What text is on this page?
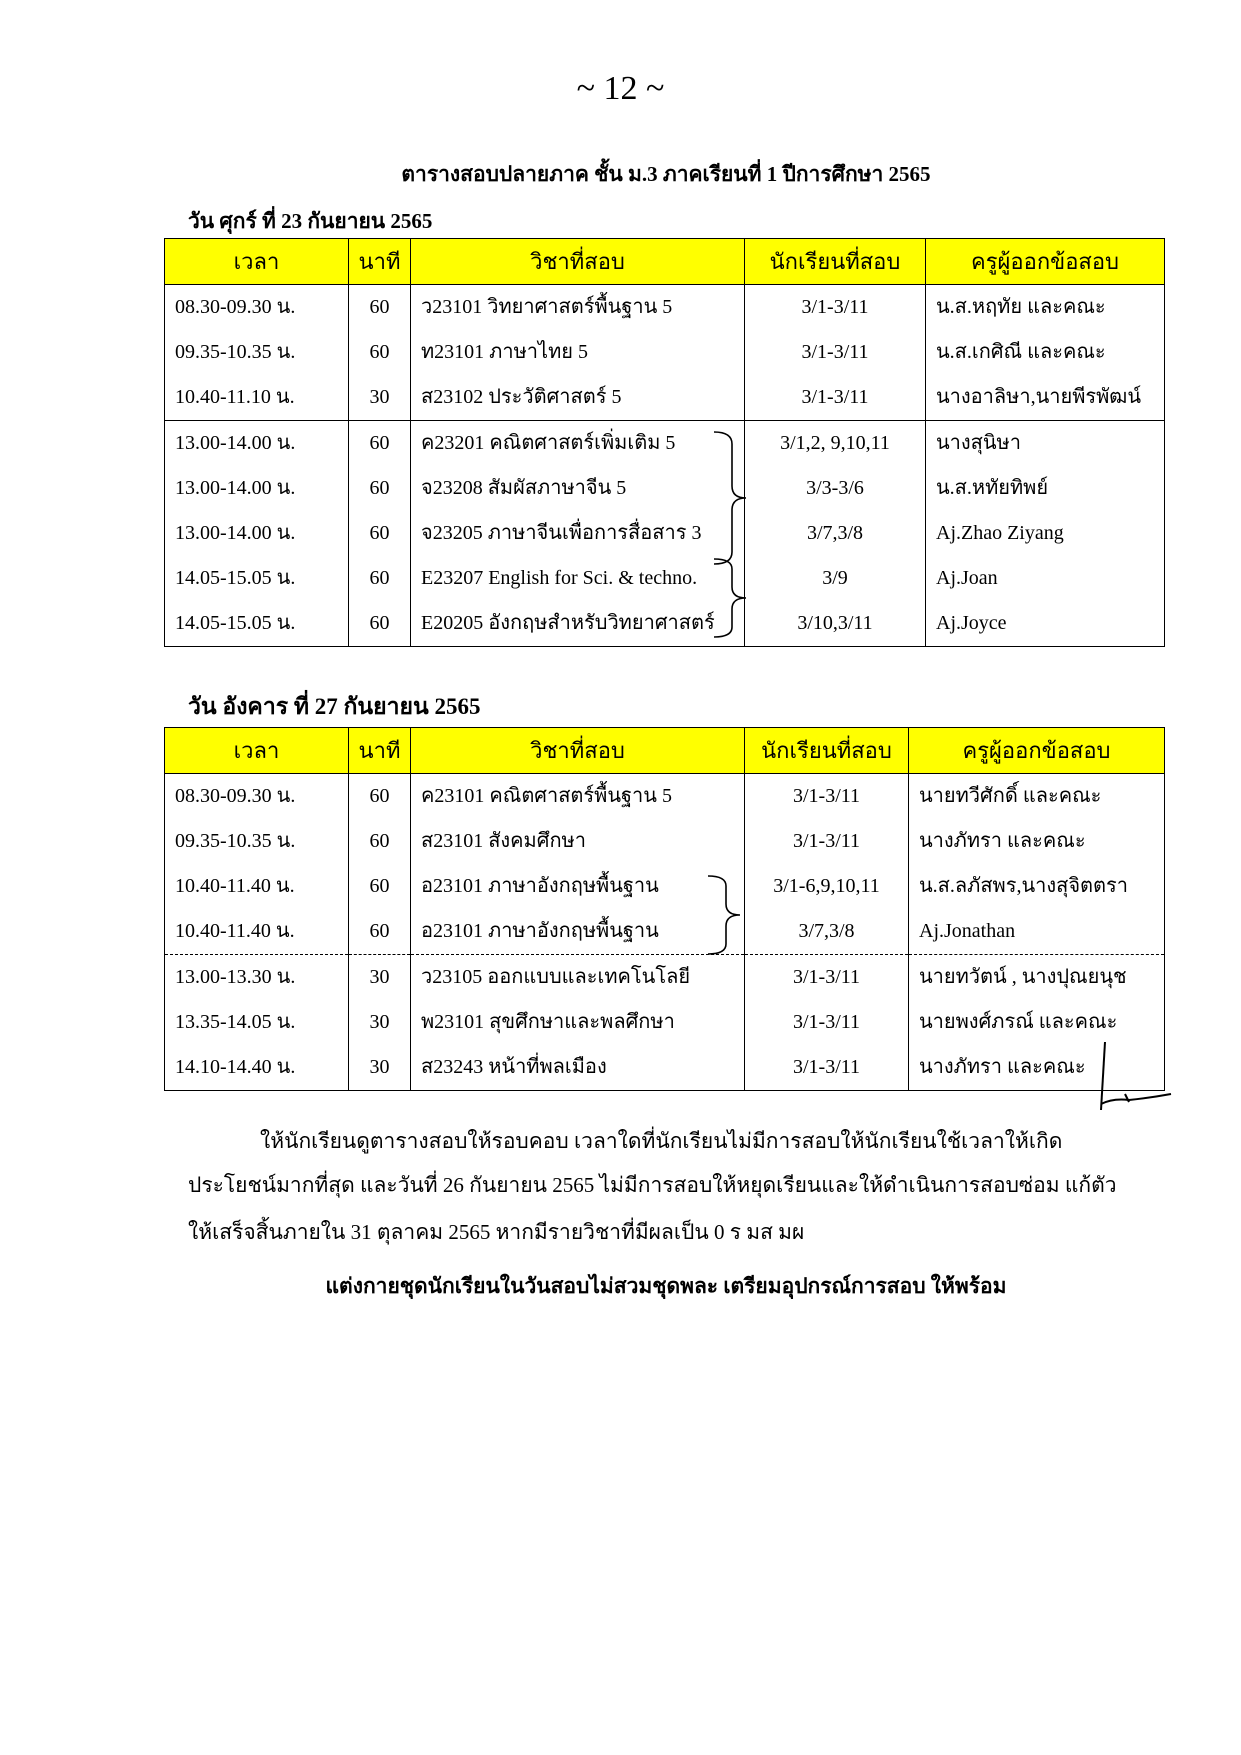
~ 12 ~
ตารางสอบปลายภาค ชั้น ม.3 ภาคเรียนที่ 1 ปีการศึกษา 2565
วัน ศุกร์ ที่ 23 กันยายน 2565
เวลา	นาที	วิชาที่สอบ	นักเรียนที่สอบ	ครูผู้ออกข้อสอบ
08.30-09.30 น.	60	ว23101 วิทยาศาสตร์พื้นฐาน 5	3/1-3/11	น.ส.หฤทัย และคณะ
09.35-10.35 น.	60	ท23101 ภาษาไทย 5	3/1-3/11	น.ส.เกศิณี และคณะ
10.40-11.10 น.	30	ส23102 ประวัติศาสตร์ 5	3/1-3/11	นางอาลิษา,นายพีรพัฒน์
13.00-14.00 น.	60	ค23201 คณิตศาสตร์เพิ่มเติม 5	3/1,2, 9,10,11	นางสุนิษา
13.00-14.00 น.	60	จ23208 สัมผัสภาษาจีน 5	3/3-3/6	น.ส.หทัยทิพย์
13.00-14.00 น.	60	จ23205 ภาษาจีนเพื่อการสื่อสาร 3	3/7,3/8	Aj.Zhao Ziyang
14.05-15.05 น.	60	E23207 English for Sci. & techno.	3/9	Aj.Joan
14.05-15.05 น.	60	E20205 อังกฤษสำหรับวิทยาศาสตร์	3/10,3/11	Aj.Joyce
วัน อังคาร ที่ 27 กันยายน 2565
เวลา	นาที	วิชาที่สอบ	นักเรียนที่สอบ	ครูผู้ออกข้อสอบ
08.30-09.30 น.	60	ค23101 คณิตศาสตร์พื้นฐาน 5	3/1-3/11	นายทวีศักดิ์ และคณะ
09.35-10.35 น.	60	ส23101 สังคมศึกษา	3/1-3/11	นางภัทรา และคณะ
10.40-11.40 น.	60	อ23101 ภาษาอังกฤษพื้นฐาน	3/1-6,9,10,11	น.ส.ลภัสพร,นางสุจิตตรา
10.40-11.40 น.	60	อ23101 ภาษาอังกฤษพื้นฐาน	3/7,3/8	Aj.Jonathan
13.00-13.30 น.	30	ว23105 ออกแบบและเทคโนโลยี	3/1-3/11	นายทวัตน์ , นางปุณยนุช
13.35-14.05 น.	30	พ23101 สุขศึกษาและพลศึกษา	3/1-3/11	นายพงศ์ภรณ์ และคณะ
14.10-14.40 น.	30	ส23243 หน้าที่พลเมือง	3/1-3/11	นางภัทรา และคณะ
ให้นักเรียนดูตารางสอบให้รอบคอบ เวลาใดที่นักเรียนไม่มีการสอบให้นักเรียนใช้เวลาให้เกิด
ประโยชน์มากที่สุด และวันที่ 26 กันยายน 2565 ไม่มีการสอบให้หยุดเรียนและให้ดำเนินการสอบซ่อม แก้ตัว
ให้เสร็จสิ้นภายใน 31 ตุลาคม 2565 หากมีรายวิชาที่มีผลเป็น 0 ร มส มผ
แต่งกายชุดนักเรียนในวันสอบไม่สวมชุดพละ เตรียมอุปกรณ์การสอบ ให้พร้อม
